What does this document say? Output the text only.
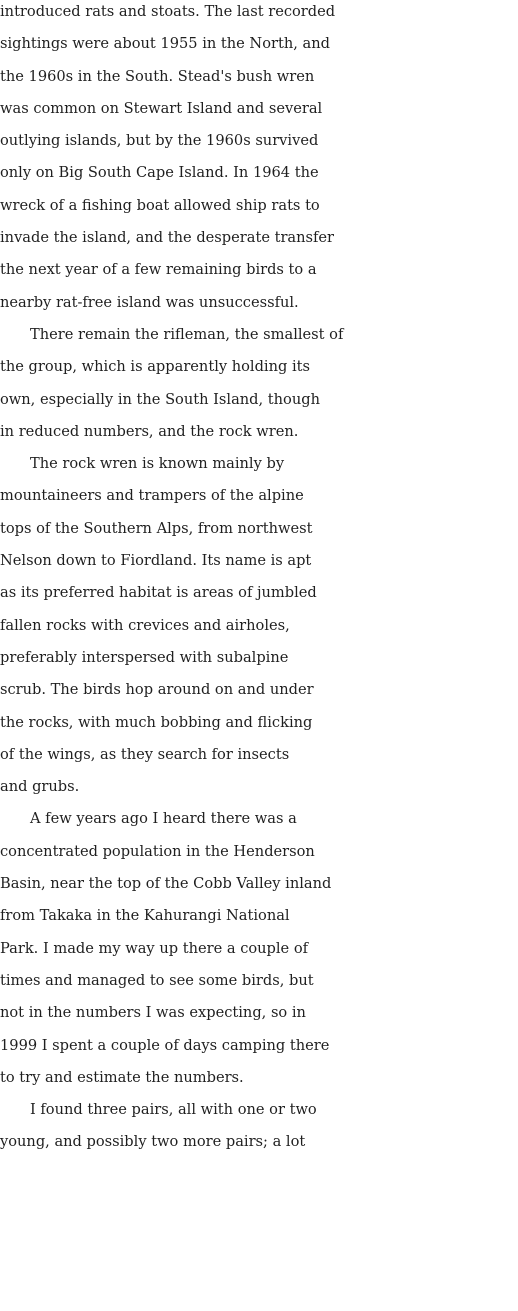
introduced rats and stoats. The last recorded
sightings were about 1955 in the North, and
the 1960s in the South. Stead's bush wren
was common on Stewart Island and several
outlying islands, but by the 1960s survived
only on Big South Cape Island. In 1964 the
wreck of a fishing boat allowed ship rats to
invade the island, and the desperate transfer
the next year of a few remaining birds to a
nearby rat-free island was unsuccessful.
There remain the rifleman, the smallest of
the group, which is apparently holding its
own, especially in the South Island, though
in reduced numbers, and the rock wren.
The rock wren is known mainly by
mountaineers and trampers of the alpine
tops of the Southern Alps, from northwest
Nelson down to Fiordland. Its name is apt
as its preferred habitat is areas of jumbled
fallen rocks with crevices and airholes,
preferably interspersed with subalpine
scrub. The birds hop around on and under
the rocks, with much bobbing and flicking
of the wings, as they search for insects
and grubs.
A few years ago I heard there was a
concentrated population in the Henderson
Basin, near the top of the Cobb Valley inland
from Takaka in the Kahurangi National
Park. I made my way up there a couple of
times and managed to see some birds, but
not in the numbers I was expecting, so in
1999 I spent a couple of days camping there
to try and estimate the numbers.
I found three pairs, all with one or two
young, and possibly two more pairs; a lot
